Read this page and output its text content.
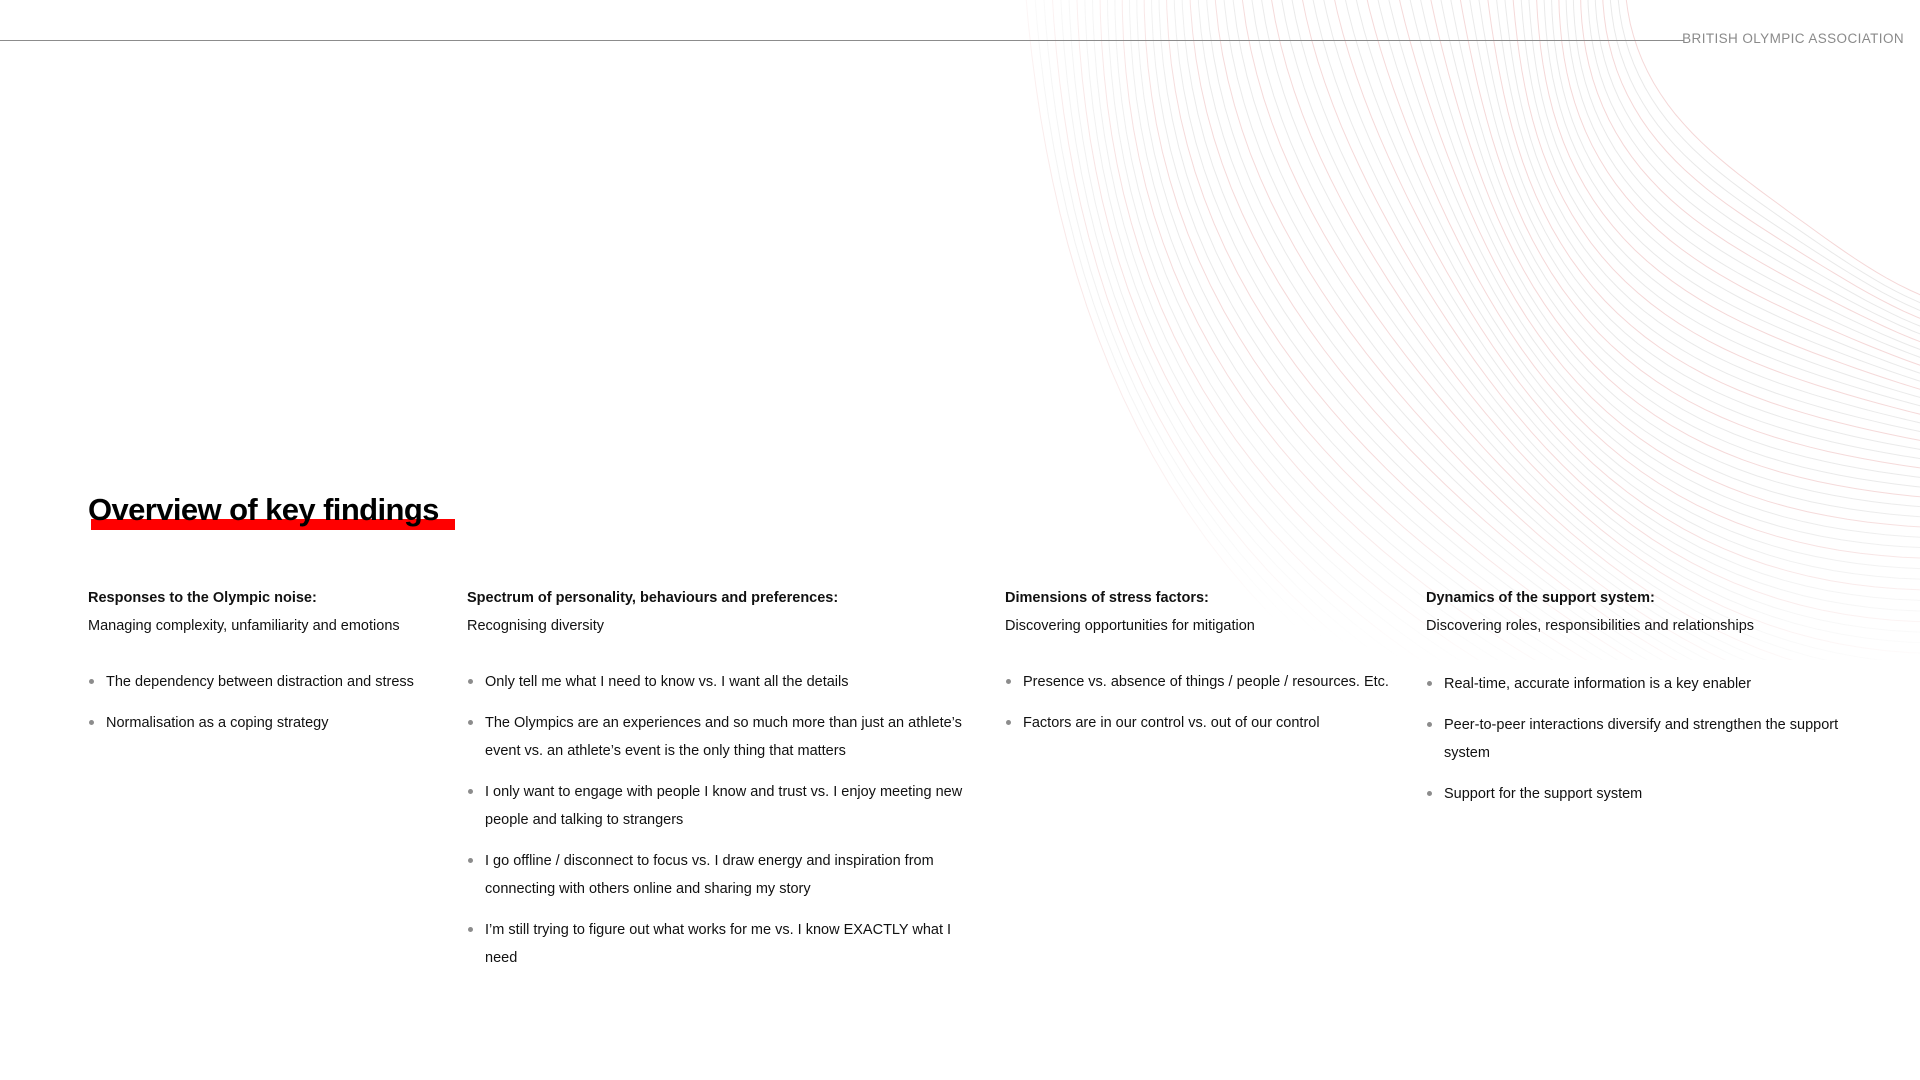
BRITISH OLYMPIC ASSOCIATION
Overview of key findings

Responses to the Olympic noise:

Managing complexity, unfamiliarity and emotions

The dependency between distraction and stress
Normalisation as a coping strategy

Spectrum of personality, behaviours and preferences:

Recognising diversity

Only tell me what I need to know vs. I want all the details
The Olympics are an experiences and so much more than just an athlete’s event vs. an athlete’s event is the only thing that matters
I only want to engage with people I know and trust vs. I enjoy meeting new people and talking to strangers
I go offline / disconnect to focus vs. I draw energy and inspiration from connecting with others online and sharing my story
I’m still trying to figure out what works for me vs. I know EXACTLY what I need

Dimensions of stress factors:

Discovering opportunities for mitigation

Presence vs. absence of things / people / resources. Etc.
Factors are in our control vs. out of our control

Dynamics of the support system:

Discovering roles, responsibilities and relationships

Real-time, accurate information is a key enabler
Peer-to-peer interactions diversify and strengthen the support system
Support for the support system
